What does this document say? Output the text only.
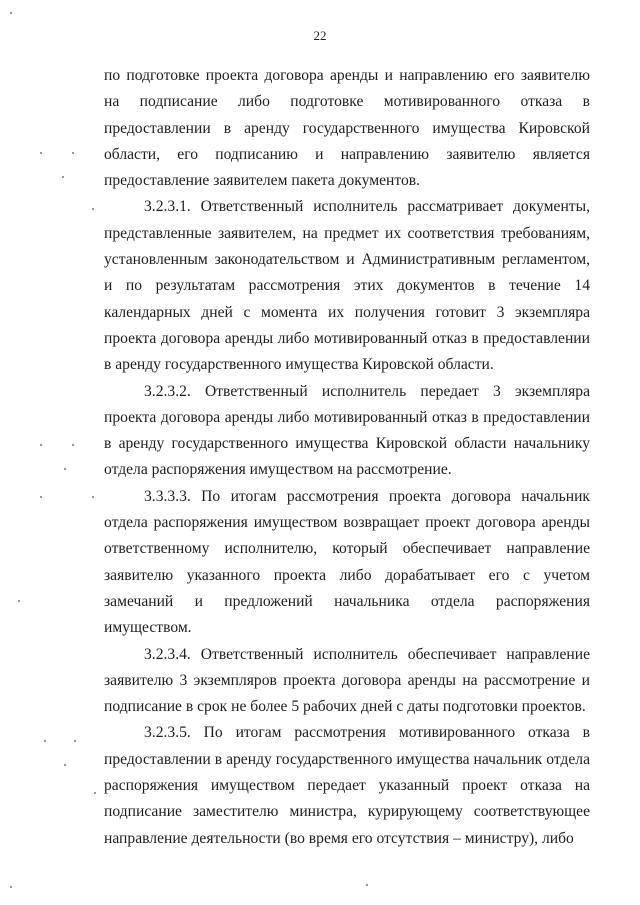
22

по подготовке проекта договора аренды и направлению его заявителю на подписание либо подготовке мотивированного отказа в предоставлении в аренду государственного имущества Кировской области, его подписанию и направлению заявителю является предоставление заявителем пакета документов.

3.2.3.1. Ответственный исполнитель рассматривает документы, представленные заявителем, на предмет их соответствия требованиям, установленным законодательством и Административным регламентом, и по результатам рассмотрения этих документов в течение 14 календарных дней с момента их получения готовит 3 экземпляра проекта договора аренды либо мотивированный отказ в предоставлении в аренду государственного имущества Кировской области.

3.2.3.2. Ответственный исполнитель передает 3 экземпляра проекта договора аренды либо мотивированный отказ в предоставлении в аренду государственного имущества Кировской области начальнику отдела распоряжения имуществом на рассмотрение.

3.3.3.3. По итогам рассмотрения проекта договора начальник отдела распоряжения имуществом возвращает проект договора аренды ответственному исполнителю, который обеспечивает направление заявителю указанного проекта либо дорабатывает его с учетом замечаний и предложений начальника отдела распоряжения имуществом.

3.2.3.4. Ответственный исполнитель обеспечивает направление заявителю 3 экземпляров проекта договора аренды на рассмотрение и подписание в срок не более 5 рабочих дней с даты подготовки проектов.

3.2.3.5. По итогам рассмотрения мотивированного отказа в предоставлении в аренду государственного имущества начальник отдела распоряжения имуществом передает указанный проект отказа на подписание заместителю министра, курирующему соответствующее направление деятельности (во время его отсутствия – министру), либо
